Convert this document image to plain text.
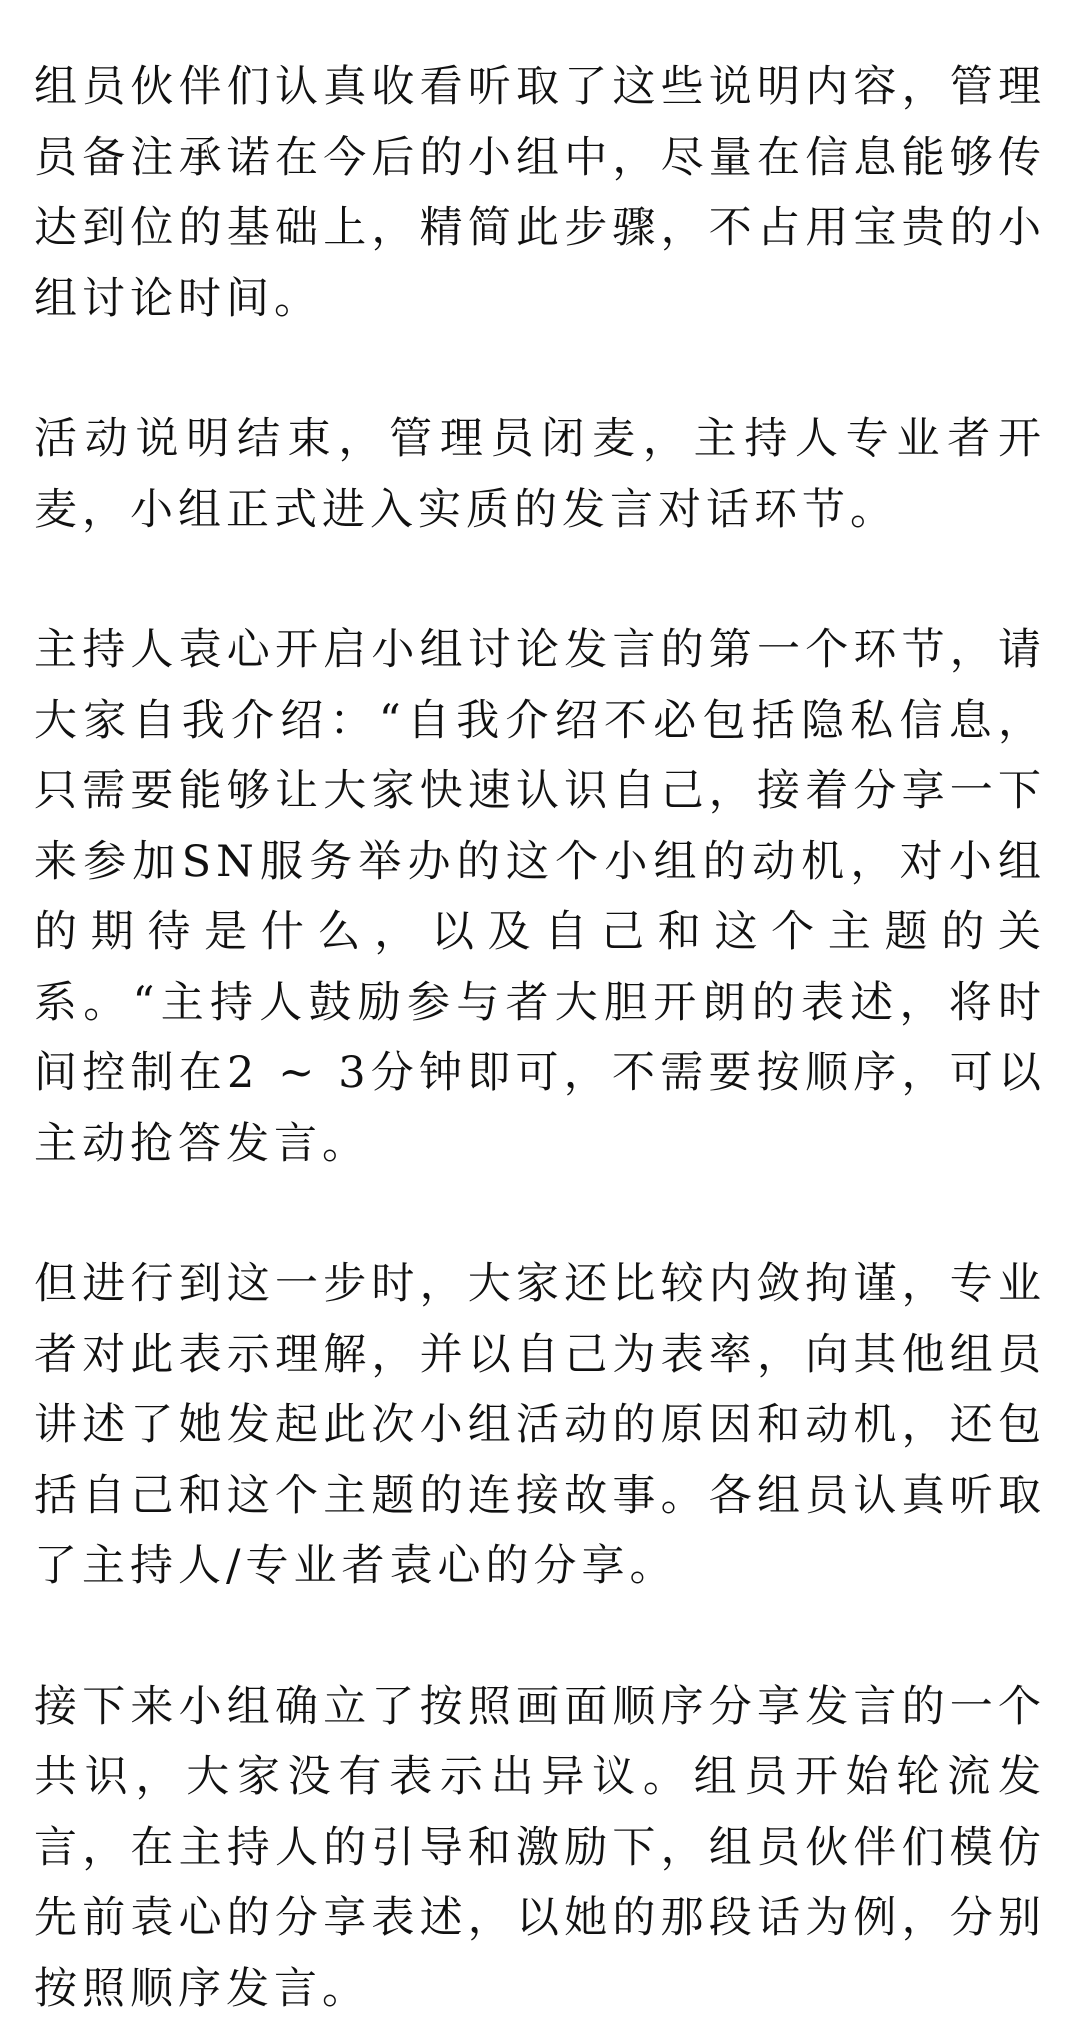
组员伙伴们认真收看听取了这些说明内容，管理员备注承诺在今后的小组中，尽量在信息能够传达到位的基础上，精简此步骤，不占用宝贵的小组讨论时间。

活动说明结束，管理员闭麦，主持人专业者开麦，小组正式进入实质的发言对话环节。

主持人袁心开启小组讨论发言的第一个环节，请大家自我介绍：“自我介绍不必包括隐私信息，只需要能够让大家快速认识自己，接着分享一下来参加SN服务举办的这个小组的动机，对小组的期待是什么，以及自己和这个主题的关系。“主持人鼓励参与者大胆开朗的表述，将时间控制在2 ~ 3分钟即可，不需要按顺序，可以主动抢答发言。

但进行到这一步时，大家还比较内敛拘谨，专业者对此表示理解，并以自己为表率，向其他组员讲述了她发起此次小组活动的原因和动机，还包括自己和这个主题的连接故事。各组员认真听取了主持人/专业者袁心的分享。

接下来小组确立了按照画面顺序分享发言的一个共识，大家没有表示出异议。组员开始轮流发言，在主持人的引导和激励下，组员伙伴们模仿先前袁心的分享表述，以她的那段话为例，分别按照顺序发言。
